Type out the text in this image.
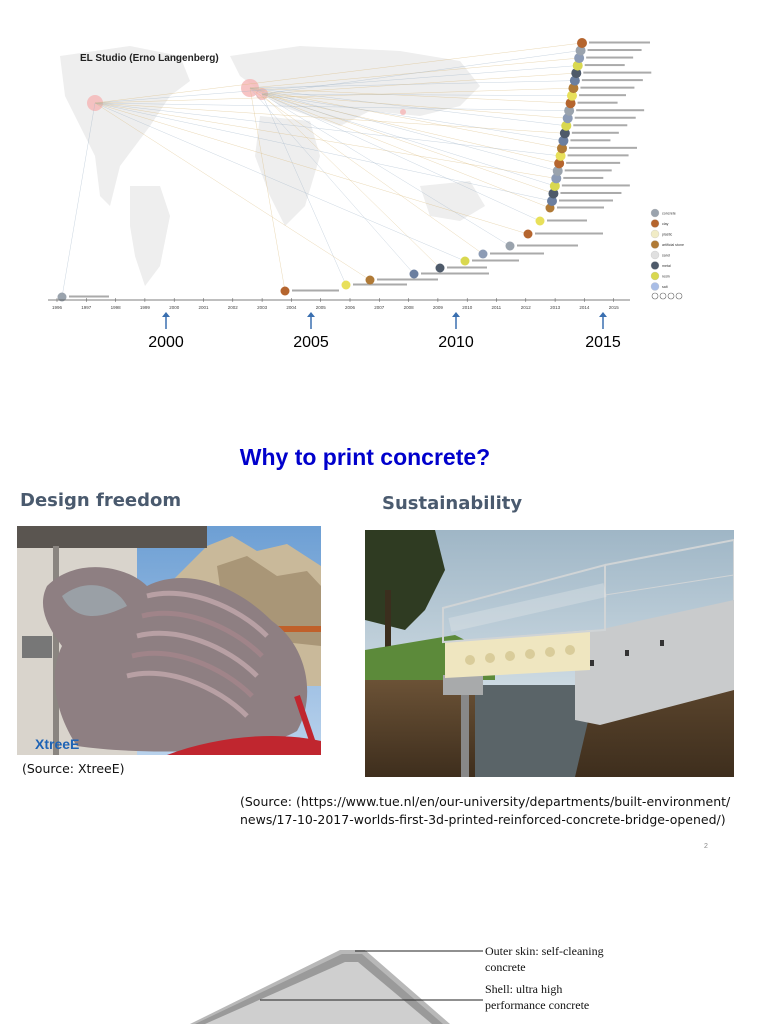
1996	1997	1998	1999	2000	2001	2002	2003	2004	2005	2006	2007	2008	2009	2010	2011	2012	2013	2014	2015
concrete
clay
plastic
artificial stone
sand
metal
resin
salt
EL Studio (Erno Langenberg)
2000	2005	2010	2015
Why to print concrete?
Design freedom	Sustainability
XtreeE
(Source: XtreeE)
(Source: (https://www.tue.nl/en/our-university/departments/built-environment/
news/17-10-2017-worlds-first-3d-printed-reinforced-concrete-bridge-opened/)
2
Outer skin: self-cleaning
concrete
Shell: ultra high
performance concrete
